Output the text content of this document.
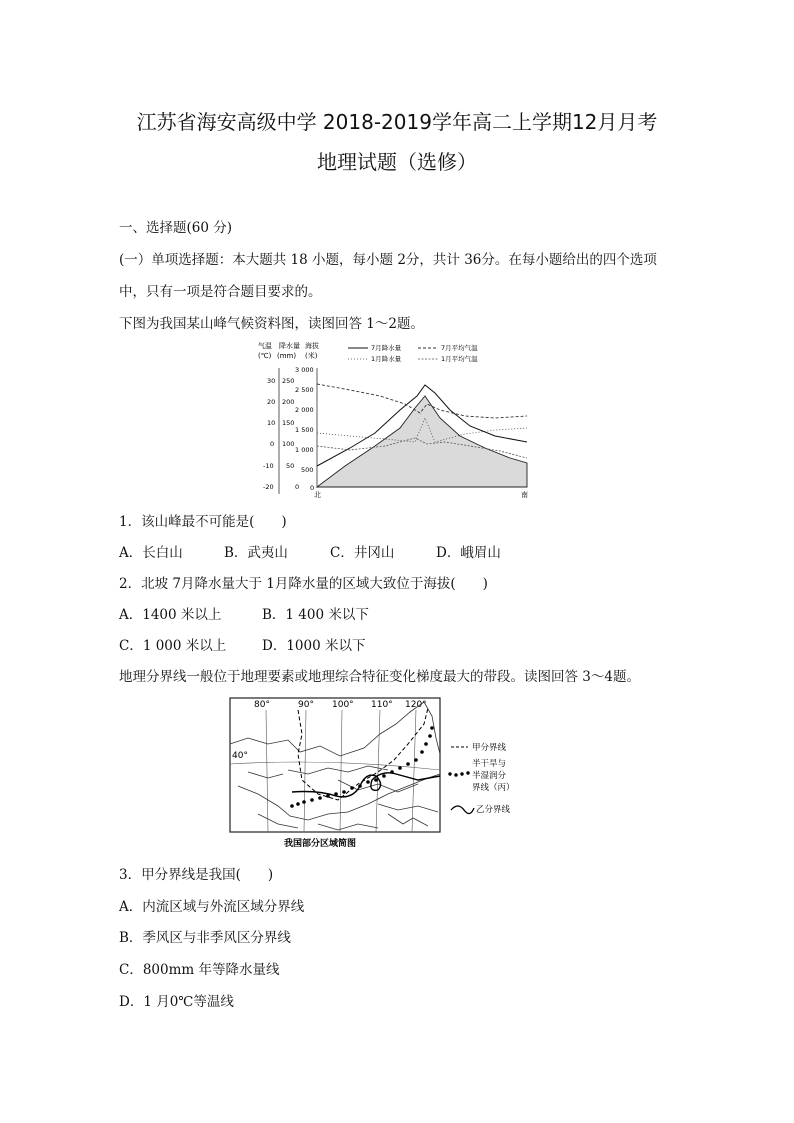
江苏省海安高级中学 2018-2019学年高二上学期12月月考
地理试题（选修）
一、选择题(60 分)
(一）单项选择题：本大题共 18 小题，每小题 2分，共计 36分。在每小题给出的四个选项
中，只有一项是符合题目要求的。
下图为我国某山峰气候资料图，读图回答 1～2题。
气温
(℃)
降水量
(mm)
海拔
(米)
30
20
10
0
-10
-20
250
200
150
100
50
0
3 000
2 500
2 000
1 500
1 000
500
0
7月降水量	7月平均气温
1月降水量	1月平均气温
北	南
1．该山峰最不可能是(　　)
A．长白山	B．武夷山	C．井冈山	D．峨眉山
2．北坡 7月降水量大于 1月降水量的区域大致位于海拔(　　)
A．1400 米以上	B．1 400 米以下
C．1 000 米以上	D．1000 米以下
地理分界线一般位于地理要素或地理综合特征变化梯度最大的带段。读图回答 3～4题。
80°	90° 100° 110° 120°
40°
甲分界线
半干旱与
半湿润分
界线（丙）
乙分界线
我国部分区域简图
3．甲分界线是我国(　　)
A．内流区域与外流区域分界线
B．季风区与非季风区分界线
C．800mm 年等降水量线
D．1 月0℃等温线
